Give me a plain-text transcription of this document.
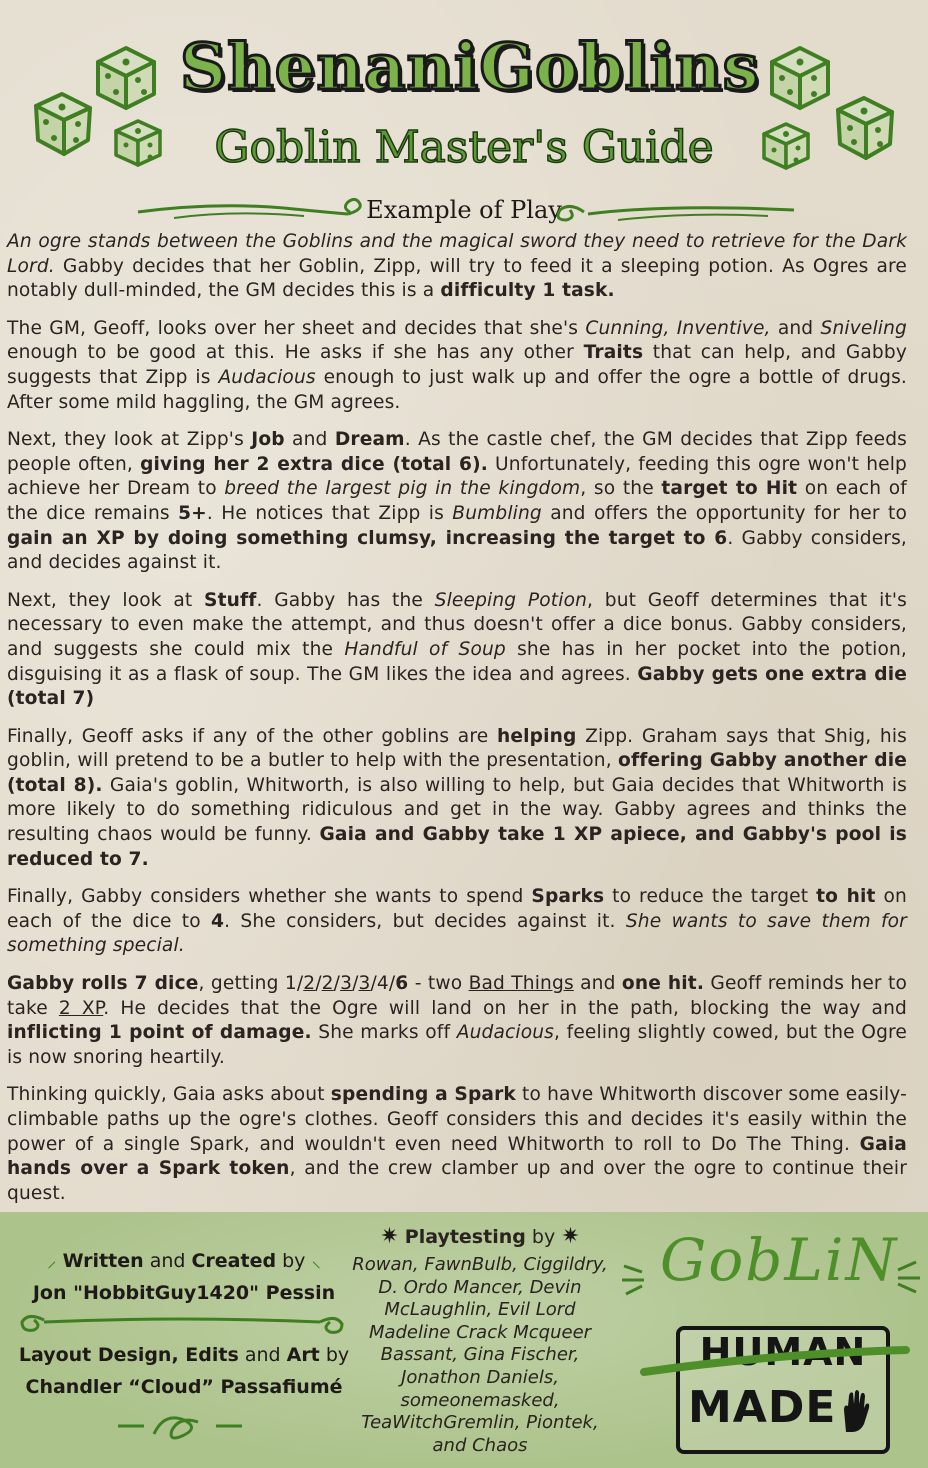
ShenaniGoblins
Goblin Master's Guide
Example of Play

An ogre stands between the Goblins and the magical sword they need to retrieve for the Dark Lord. Gabby decides that her Goblin, Zipp, will try to feed it a sleeping potion. As Ogres are notably dull-minded, the GM decides this is a difficulty 1 task.

The GM, Geoff, looks over her sheet and decides that she's Cunning, Inventive, and Sniveling enough to be good at this. He asks if she has any other Traits that can help, and Gabby suggests that Zipp is Audacious enough to just walk up and offer the ogre a bottle of drugs. After some mild haggling, the GM agrees.

Next, they look at Zipp's Job and Dream. As the castle chef, the GM decides that Zipp feeds people often, giving her 2 extra dice (total 6). Unfortunately, feeding this ogre won't help achieve her Dream to breed the largest pig in the kingdom, so the target to Hit on each of the dice remains 5+. He notices that Zipp is Bumbling and offers the opportunity for her to gain an XP by doing something clumsy, increasing the target to 6. Gabby considers, and decides against it.

Next, they look at Stuff. Gabby has the Sleeping Potion, but Geoff determines that it's necessary to even make the attempt, and thus doesn't offer a dice bonus. Gabby considers, and suggests she could mix the Handful of Soup she has in her pocket into the potion, disguising it as a flask of soup. The GM likes the idea and agrees. Gabby gets one extra die (total 7)

Finally, Geoff asks if any of the other goblins are helping Zipp. Graham says that Shig, his goblin, will pretend to be a butler to help with the presentation, offering Gabby another die (total 8). Gaia's goblin, Whitworth, is also willing to help, but Gaia decides that Whitworth is more likely to do something ridiculous and get in the way. Gabby agrees and thinks the resulting chaos would be funny. Gaia and Gabby take 1 XP apiece, and Gabby's pool is reduced to 7.

Finally, Gabby considers whether she wants to spend Sparks to reduce the target to hit on each of the dice to 4. She considers, but decides against it. She wants to save them for something special.

Gabby rolls 7 dice, getting 1/2/2/3/3/4/6 - two Bad Things and one hit. Geoff reminds her to take 2 XP. He decides that the Ogre will land on her in the path, blocking the way and inflicting 1 point of damage. She marks off Audacious, feeling slightly cowed, but the Ogre is now snoring heartily.

Thinking quickly, Gaia asks about spending a Spark to have Whitworth discover some easily-climbable paths up the ogre's clothes. Geoff considers this and decides it's easily within the power of a single Spark, and wouldn't even need Whitworth to roll to Do The Thing. Gaia hands over a Spark token, and the crew clamber up and over the ogre to continue their quest.

⸝ Written and Created by ⸜
Jon "HobbitGuy1420" Pessin
Layout Design, Edits and Art by
Chandler “Cloud” Passafiumé
✷ Playtesting by ✷
Rowan, FawnBulb, Ciggildry, D. Ordo Mancer, Devin McLaughlin, Evil Lord Madeline Crack Mcqueer Bassant, Gina Fischer, Jonathon Daniels, someonemasked, TeaWitchGremlin, Piontek, and Chaos
GobLiN
HUMAN
MADE
